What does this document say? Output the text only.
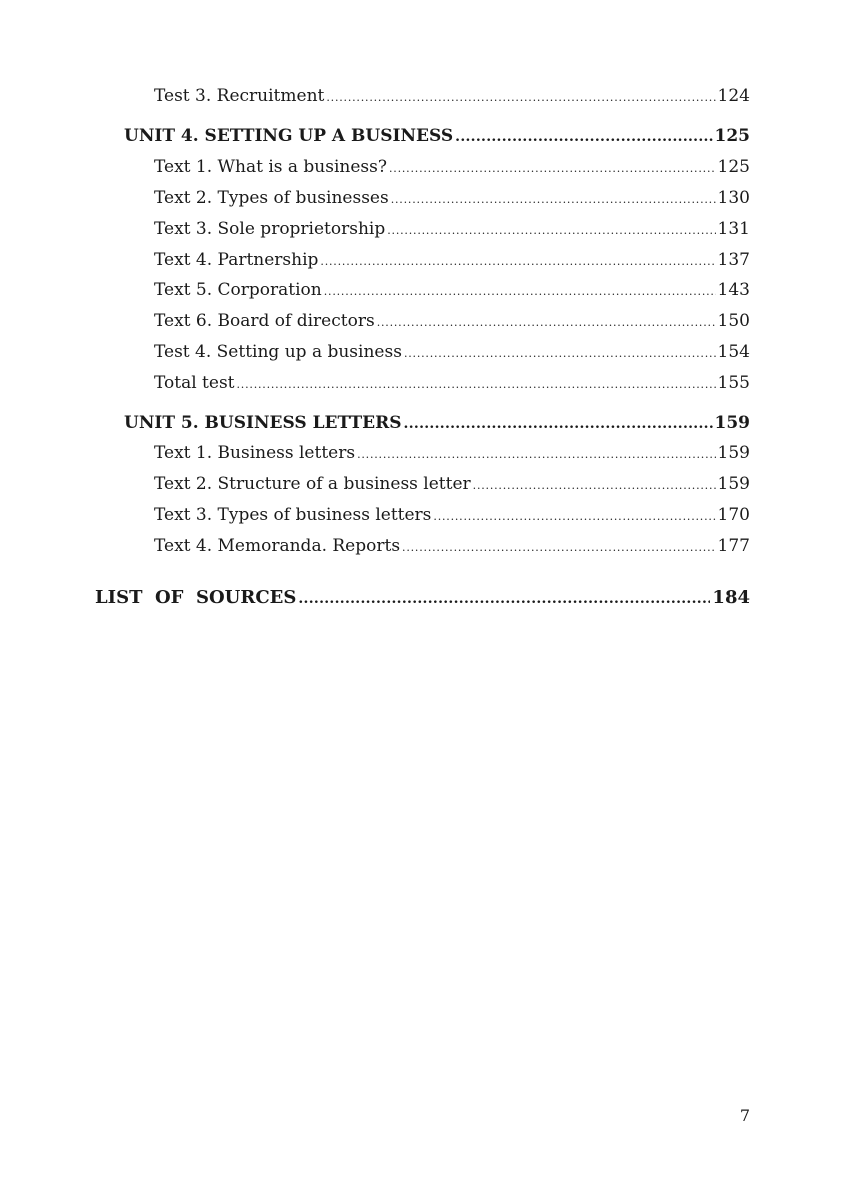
Test 3. Recruitment .....	124
UNIT 4. SETTING UP A BUSINESS .....	125
Text 1. What is a business? .....	125
Text 2. Types of businesses .....	130
Text 3. Sole proprietorship .....	131
Text 4. Partnership .....	137
Text 5. Corporation .....	143
Text 6. Board of directors .....	150
Test 4. Setting up a business .....	154
Total test .....	155
UNIT 5. BUSINESS LETTERS .....	159
Text 1. Business letters .....	159
Text 2. Structure of a business letter .....	159
Text 3. Types of business letters .....	170
Text 4. Memoranda. Reports .....	177
LIST  OF  SOURCES .....	184
7
